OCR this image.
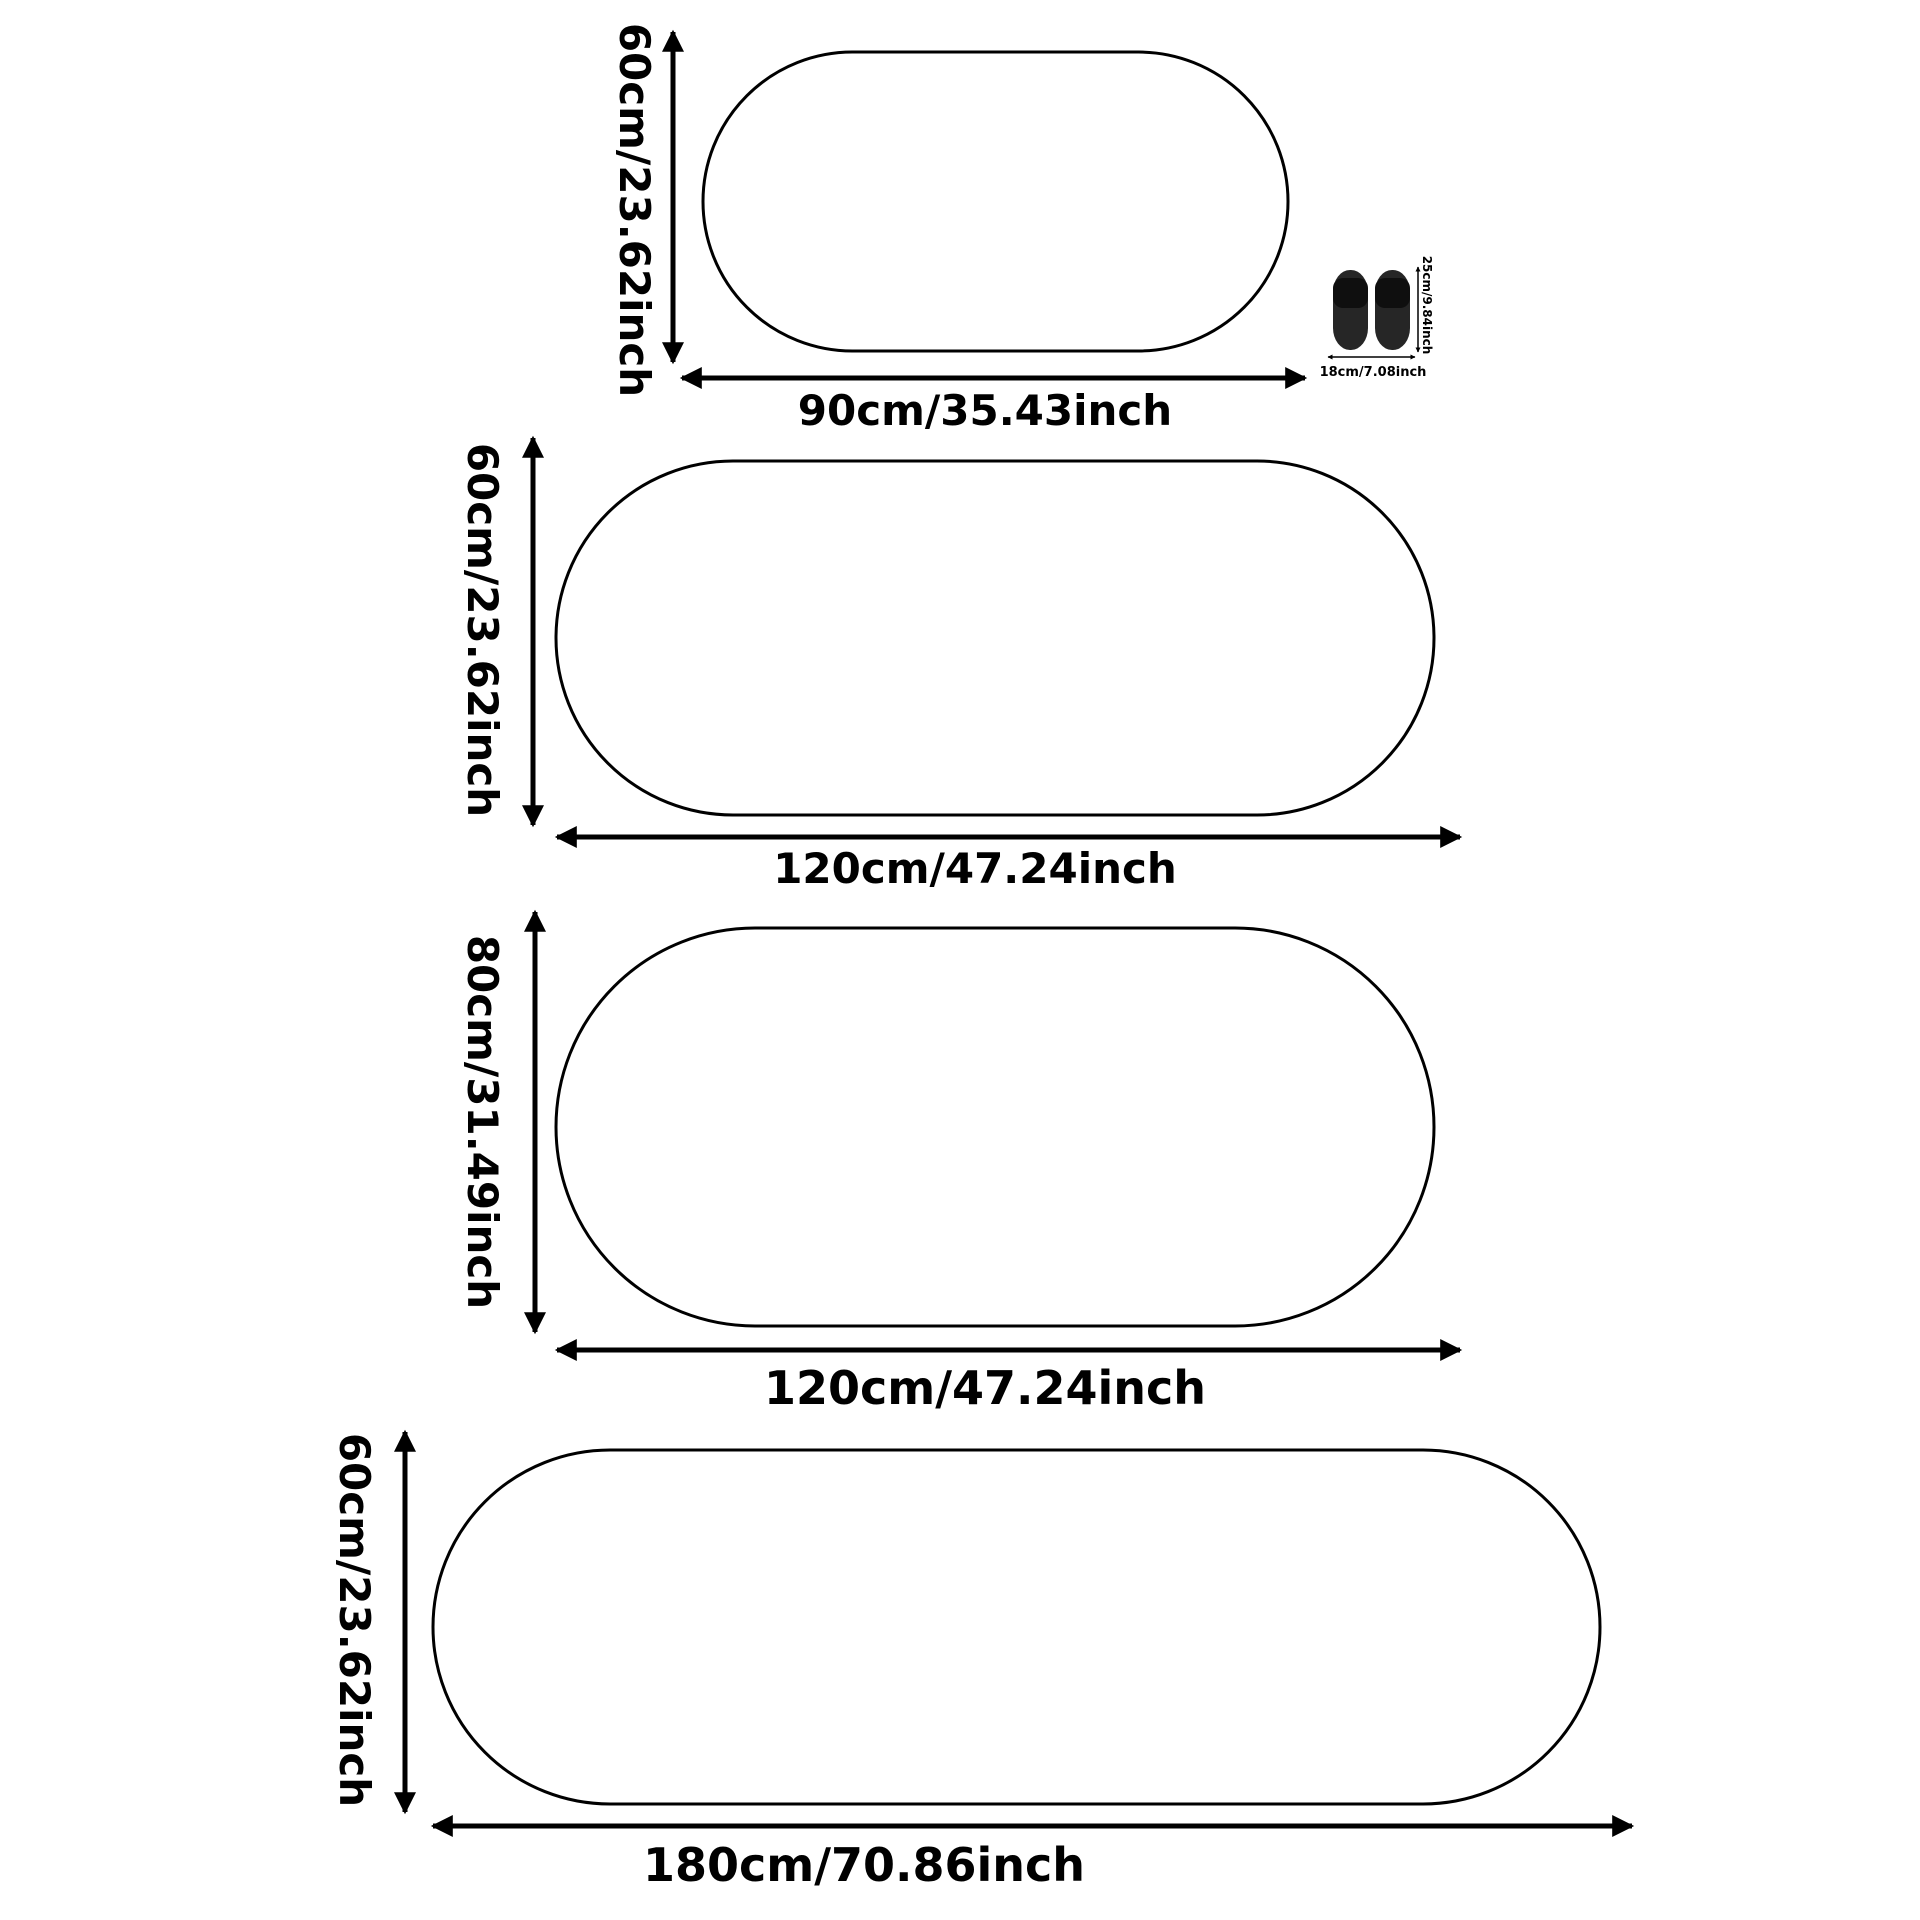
90cm/35.43inch
60cm/23.62inch	18cm/7.08inch
25cm/9.84inch
120cm/47.24inch
60cm/23.62inch
120cm/47.24inch
80cm/31.49inch
180cm/70.86inch
60cm/23.62inch
